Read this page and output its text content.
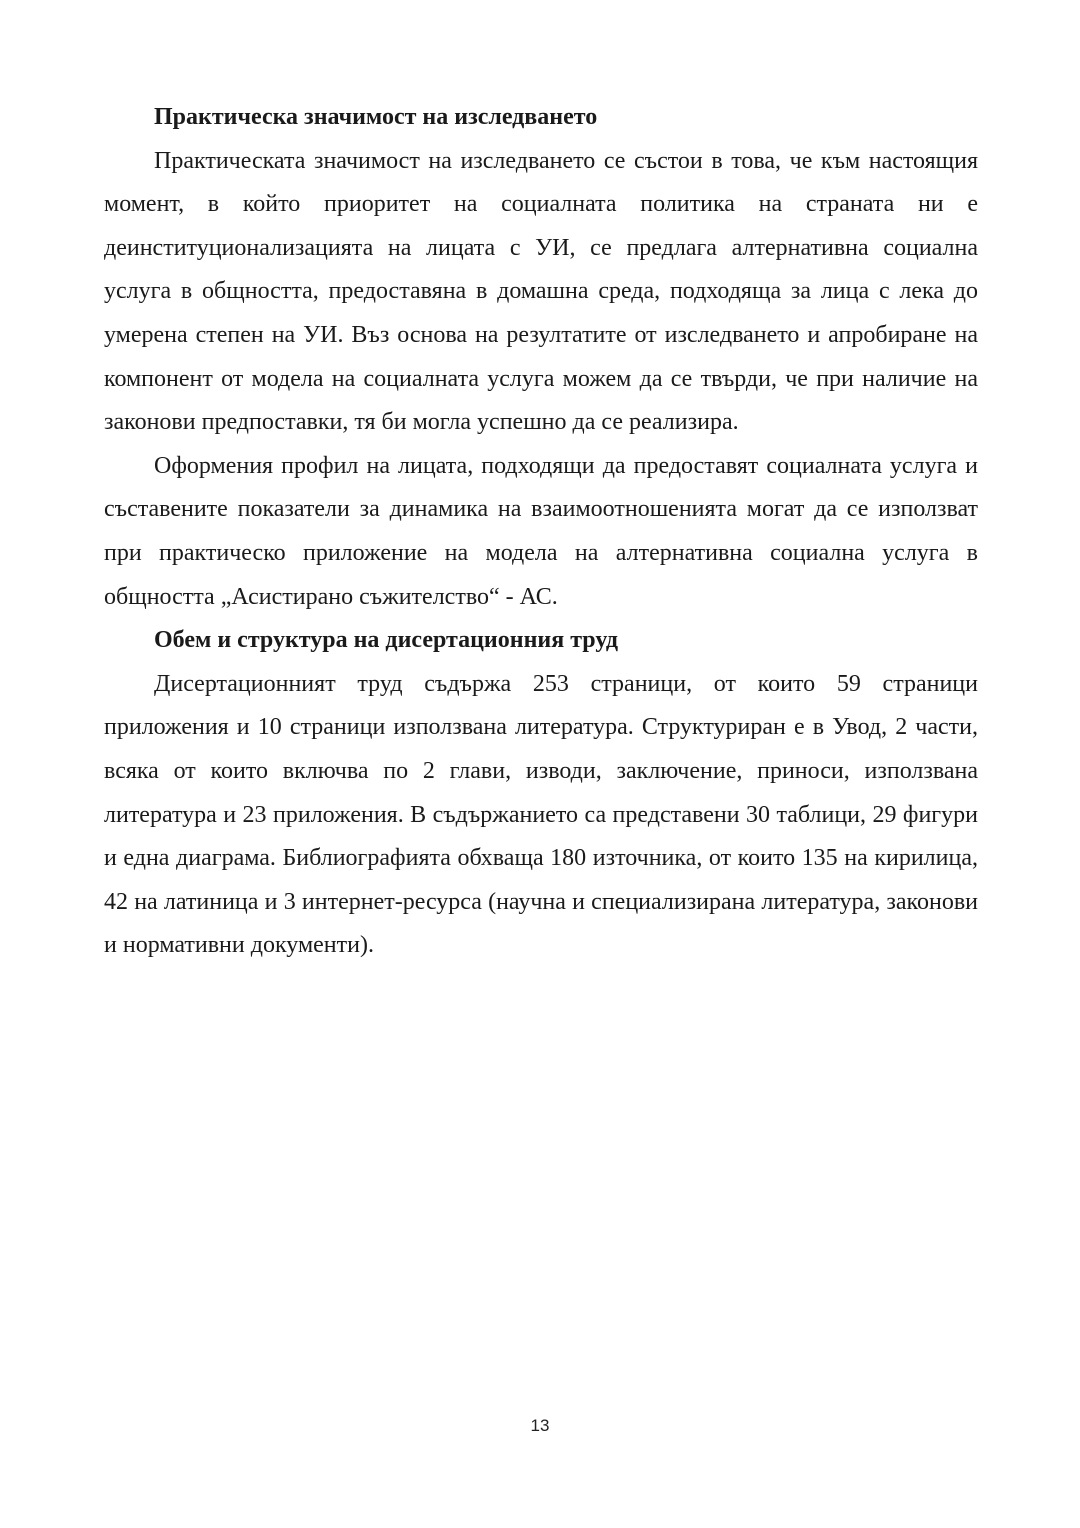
Практическа значимост на изследването

Практическата значимост на изследването се състои в това, че към настоящия момент, в който приоритет на социалната политика на страната ни е деинституционализацията на лицата с УИ, се предлага алтернативна социална услуга в общността, предоставяна в домашна среда, подходяща за лица с лека до умерена степен на УИ. Въз основа на резултатите от изследването и апробиране на компонент от модела на социалната услуга можем да се твърди, че при наличие на законови предпоставки, тя би могла успешно да се реализира.

Оформения профил на лицата, подходящи да предоставят социалната услуга и съставените показатели за динамика на взаимоотношенията могат да се използват при практическо приложение на модела на алтернативна социална услуга в общността „Асистирано съжителство“ - АС.

Обем и структура на дисертационния труд

Дисертационният труд съдържа 253 страници, от които 59 страници приложения и 10 страници използвана литература. Структуриран е в Увод, 2 части, всяка от които включва по 2 глави, изводи, заключение, приноси, използвана литература и 23 приложения. В съдържанието са представени 30 таблици, 29 фигури и една диаграма. Библиографията обхваща 180 източника, от които 135 на кирилица, 42 на латиница и 3 интернет-ресурса (научна и специализирана литература, законови и нормативни документи).

13
